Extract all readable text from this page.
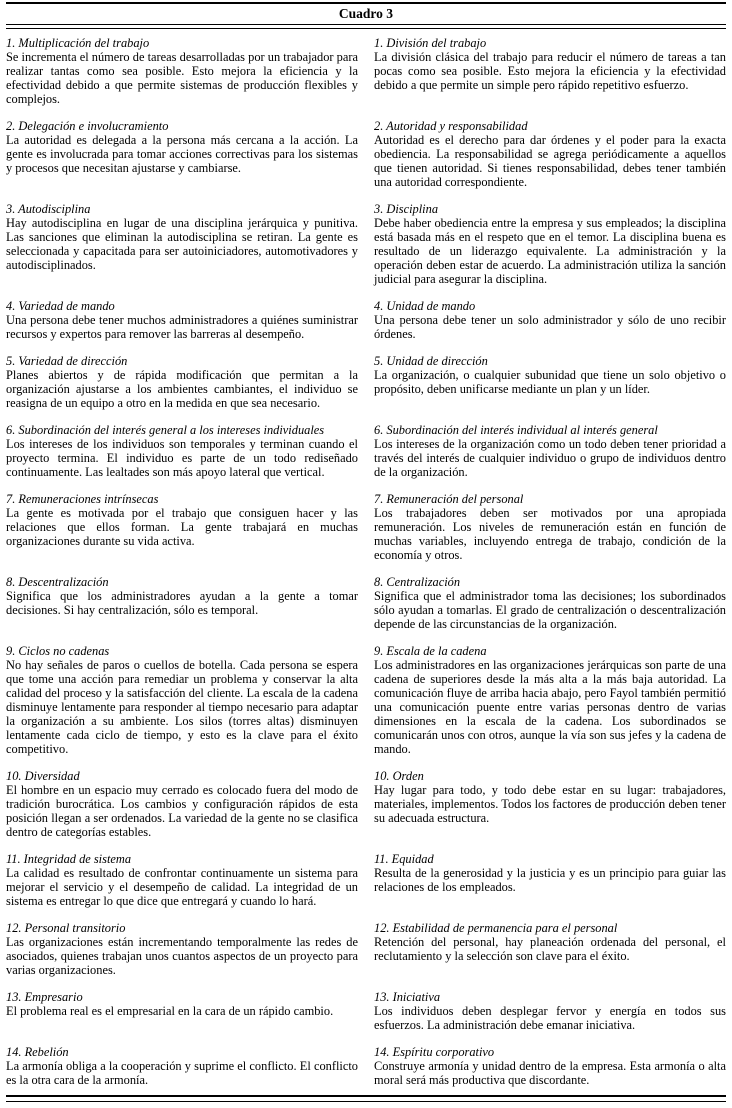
Cuadro 3
1. Multiplicación del trabajo
Se incrementa el número de tareas desarrolladas por un trabajador para realizar tantas como sea posible. Esto mejora la eficiencia y la efectividad debido a que permite sistemas de producción flexibles y complejos.
1. División del trabajo
La división clásica del trabajo para reducir el número de tareas a tan pocas como sea posible. Esto mejora la eficiencia y la efectividad debido a que permite un simple pero rápido repetitivo esfuerzo.
2. Delegación e involucramiento
La autoridad es delegada a la persona más cercana a la acción. La gente es involucrada para tomar acciones correctivas para los sistemas y procesos que necesitan ajustarse y cambiarse.
2. Autoridad y responsabilidad
Autoridad es el derecho para dar órdenes y el poder para la exacta obediencia. La responsabilidad se agrega periódicamente a aquellos que tienen autoridad. Si tienes responsabilidad, debes tener también una autoridad correspondiente.
3. Autodisciplina
Hay autodisciplina en lugar de una disciplina jerárquica y punitiva. Las sanciones que eliminan la autodisciplina se retiran. La gente es seleccionada y capacitada para ser autoiniciadores, automotivadores y autodisciplinados.
3. Disciplina
Debe haber obediencia entre la empresa y sus empleados; la disciplina está basada más en el respeto que en el temor. La disciplina buena es resultado de un liderazgo equivalente. La administración y la operación deben estar de acuerdo. La administración utiliza la sanción judicial para asegurar la disciplina.
4. Variedad de mando
Una persona debe tener muchos administradores a quiénes suministrar recursos y expertos para remover las barreras al desempeño.
4. Unidad de mando
Una persona debe tener un solo administrador y sólo de uno recibir órdenes.
5. Variedad de dirección
Planes abiertos y de rápida modificación que permitan a la organización ajustarse a los ambientes cambiantes, el individuo se reasigna de un equipo a otro en la medida en que sea necesario.
5. Unidad de dirección
La organización, o cualquier subunidad que tiene un solo objetivo o propósito, deben unificarse mediante un plan y un líder.
6. Subordinación del interés general a los intereses individuales
Los intereses de los individuos son temporales y terminan cuando el proyecto termina. El individuo es parte de un todo rediseñado continuamente. Las lealtades son más apoyo lateral que vertical.
6. Subordinación del interés individual al interés general
Los intereses de la organización como un todo deben tener prioridad a través del interés de cualquier individuo o grupo de individuos dentro de la organización.
7. Remuneraciones intrínsecas
La gente es motivada por el trabajo que consiguen hacer y las relaciones que ellos forman. La gente trabajará en muchas organizaciones durante su vida activa.
7. Remuneración del personal
Los trabajadores deben ser motivados por una apropiada remuneración. Los niveles de remuneración están en función de muchas variables, incluyendo entrega de trabajo, condición de la economía y otros.
8. Descentralización
Significa que los administradores ayudan a la gente a tomar decisiones. Si hay centralización, sólo es temporal.
8. Centralización
Significa que el administrador toma las decisiones; los subordinados sólo ayudan a tomarlas. El grado de centralización o descentralización depende de las circunstancias de la organización.
9. Ciclos no cadenas
No hay señales de paros o cuellos de botella. Cada persona se espera que tome una acción para remediar un problema y conservar la alta calidad del proceso y la satisfacción del cliente. La escala de la cadena disminuye lentamente para responder al tiempo necesario para adaptar la organización a su ambiente. Los silos (torres altas) disminuyen lentamente cada ciclo de tiempo, y esto es la clave para el éxito competitivo.
9. Escala de la cadena
Los administradores en las organizaciones jerárquicas son parte de una cadena de superiores desde la más alta a la más baja autoridad. La comunicación fluye de arriba hacia abajo, pero Fayol también permitió una comunicación puente entre varias personas dentro de varias dimensiones en la escala de la cadena. Los subordinados se comunicarán unos con otros, aunque la vía son sus jefes y la cadena de mando.
10. Diversidad
El hombre en un espacio muy cerrado es colocado fuera del modo de tradición burocrática. Los cambios y configuración rápidos de esta posición llegan a ser ordenados. La variedad de la gente no se clasifica dentro de categorías estables.
10. Orden
Hay lugar para todo, y todo debe estar en su lugar: trabajadores, materiales, implementos. Todos los factores de producción deben tener su adecuada estructura.
11. Integridad de sistema
La calidad es resultado de confrontar continuamente un sistema para mejorar el servicio y el desempeño de calidad. La integridad de un sistema es entregar lo que dice que entregará y cuando lo hará.
11. Equidad
Resulta de la generosidad y la justicia y es un principio para guiar las relaciones de los empleados.
12. Personal transitorio
Las organizaciones están incrementando temporalmente las redes de asociados, quienes trabajan unos cuantos aspectos de un proyecto para varias organizaciones.
12. Estabilidad de permanencia para el personal
Retención del personal, hay planeación ordenada del personal, el reclutamiento y la selección son clave para el éxito.
13. Empresario
El problema real es el empresarial en la cara de un rápido cambio.
13. Iniciativa
Los individuos deben desplegar fervor y energía en todos sus esfuerzos. La administración debe emanar iniciativa.
14. Rebelión
La armonía obliga a la cooperación y suprime el conflicto. El conflicto es la otra cara de la armonía.
14. Espíritu corporativo
Construye armonía y unidad dentro de la empresa. Esta armonía o alta moral será más productiva que discordante.
